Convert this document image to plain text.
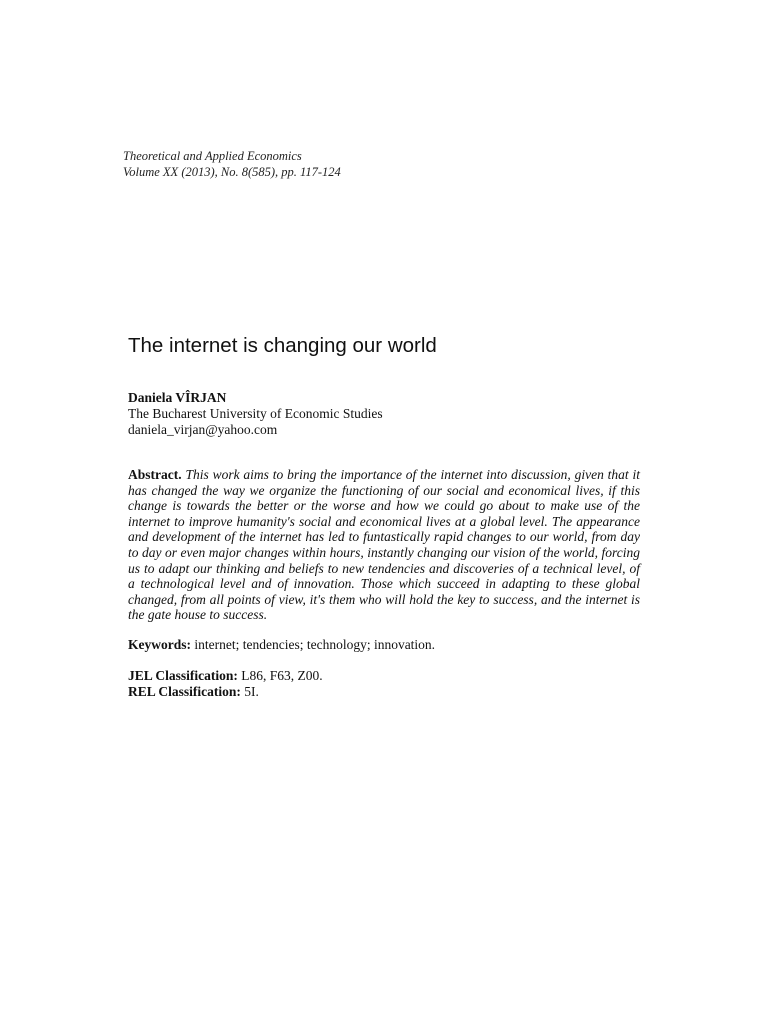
Theoretical and Applied Economics
Volume XX (2013), No. 8(585), pp. 117-124
The internet is changing our world
Daniela VÎRJAN
The Bucharest University of Economic Studies
daniela_virjan@yahoo.com
Abstract. This work aims to bring the importance of the internet into discussion, given that it has changed the way we organize the functioning of our social and economical lives, if this change is towards the better or the worse and how we could go about to make use of the internet to improve humanity's social and economical lives at a global level. The appearance and development of the internet has led to funtastically rapid changes to our world, from day to day or even major changes within hours, instantly changing our vision of the world, forcing us to adapt our thinking and beliefs to new tendencies and discoveries of a technical level, of a technological level and of innovation. Those which succeed in adapting to these global changed, from all points of view, it's them who will hold the key to success, and the internet is the gate house to success.
Keywords: internet; tendencies; technology; innovation.
JEL Classification: L86, F63, Z00.
REL Classification: 5I.
